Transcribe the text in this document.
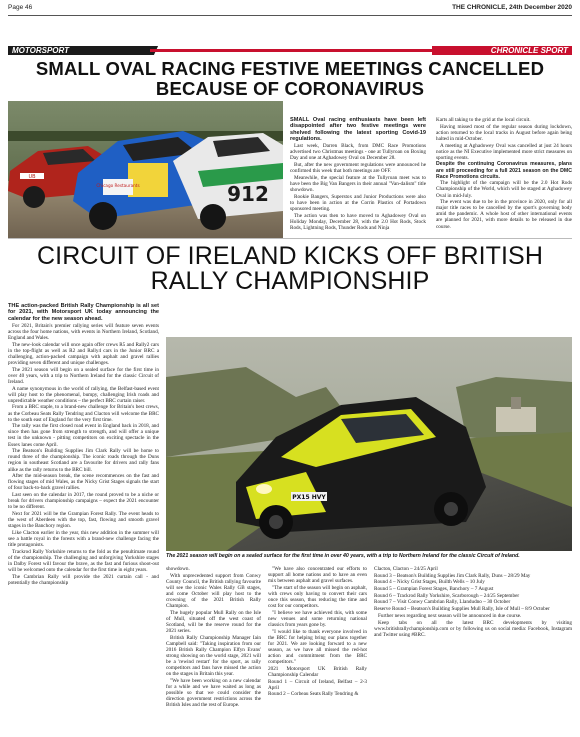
Page 46	THE CHRONICLE, 24th December 2020
MOTORSPORT	CHRONICLE SPORT
SMALL OVAL RACING FESTIVE MEETINGS CANCELLED BECAUSE OF CORONAVIRUS
UB
Chicago Restaurants	912

SMALL Oval racing enthusiasts have been left disappointed after two festive meetings were shelved following the latest sporting Covid-19 regulations.

Last week, Darren Black, from DMC Race Promotions advertised two Christmas meetings - one at Tullyroan on Boxing Day and one at Aghadowey Oval on December 28.

But, after the new government regulations were announced he confirmed this week that both meetings are OFF.

Meanwhile, the special feature at the Tullyroan meet was to have been the Big Van Bangers in their annual "Van-dalism" title showdown.

Rookie Bangers, Superstox and Junior Productions were also to have been in action at the Corrin Plastics of Portadown sponsored meeting.

The action was then to have moved to Aghadowey Oval on Holiday Monday, December 28, with the 2.0 Hot Rods, Stock Rods, Lightning Rods, Thunder Rods and Ninja

Karts all taking to the grid at the local circuit.

Having missed most of the regular season during lockdown, action returned to the local tracks in August before again being halted in mid-October.

A meeting at Aghadowey Oval was cancelled at just 24 hours notice as the NI Executive implemented more strict measures on sporting events.

Despite the continuing Coronavirus measures, plans are still proceeding for a full 2021 season on the DMC Race Promotions circuits.

The highlight of the campaign will be the 2.0 Hot Rods Championship of the World, which will be staged at Aghadowey Oval in mid-July.

The event was due to be in the province in 2020, only for all major title races to be cancelled by the sport's governing body amid the pandemic. A whole host of other international events are planned for 2021, with more details to be released in due course.

CIRCUIT OF IRELAND KICKS OFF BRITISH RALLY CHAMPIONSHIP

THE action-packed British Rally Championship is all set for 2021, with Motorsport UK today announcing the calendar for the new season ahead.

For 2021, Britain's premier rallying series will feature seven events across the four home nations, with events in Northern Ireland, Scotland, England and Wales.

The new-look calendar will once again offer crews R5 and Rally2 cars in the top-flight as well as R2 and Rally4 cars in the Junior BRC a challenging, action-packed campaign with asphalt and gravel rallies providing seven different and unique challenges.

The 2021 season will begin on a sealed surface for the first time in over 40 years, with a trip to Northern Ireland for the classic Circuit of Ireland.

A name synonymous in the world of rallying, the Belfast-based event will play host to the phenomenal, bumpy, challenging Irish roads and unpredictable weather conditions – the perfect BRC curtain raiser.

From a BRC staple, to a brand-new challenge for Britain's best crews, as the Corbeau Seats Rally Tendring and Clacton will welcome the BRC to the south east of England for the very first time.

The rally was the first closed road event in England back in 2018, and since then has gone from strength to strength, and will offer a unique test in the unknown - pitting competitors on exciting spectacle in the Essex lanes come April.

The Beatson's Building Supplies Jim Clark Rally will be home to round three of the championship. The iconic roads through the Duns region in southeast Scotland are a favourite for drivers and rally fans alike as the rally returns to the BRC bill.

After the mid-season break, the scene recommences on the fast and flowing stages of mid Wales, as the Nicky Grist Stages signals the start of four back-to-back gravel rallies.

Last seen on the calendar in 2017, the round proved to be a niche or break for drivers championship campaigns – expect the 2021 encounter to be no different.

Next for 2021 will be the Grampian Forest Rally. The event heads to the west of Aberdeen with the top, fast, flowing and smooth gravel stages in the Banchory region.

Like Clacton earlier in the year, this new addition in the summer will see a battle royal in the forests with a brand-new challenge facing the title protagonists.

Trackrod Rally Yorkshire returns to the fold as the penultimate round of the championship. The challenging and unforgiving Yorkshire stages in Dalby Forest will favour the brave, as the fast and furious shoot-out will be welcomed onto the calendar for the first time in eight years.

The Cambrian Rally will provide the 2021 curtain call - and potentially the championship

PX15 HVY
The 2021 season will begin on a sealed surface for the first time in over 40 years, with a trip to Northern Ireland for the classic Circuit of Ireland.

showdown.

With unprecedented support from Conwy County Council, the British rallying favourite will see the iconic Wales Rally GB stages, and come October will play host to the crowning of the 2021 British Rally Champion.

The hugely popular Mull Rally on the Isle of Mull, situated off the west coast of Scotland, will be the reserve round for the 2021 series.

British Rally Championship Manager Iain Campbell said: "Taking inspiration from our 2016 British Rally Champion Elfyn Evans' strong showing on the world stage, 2021 will be a 'rewind restart' for the sport, as rally competitors and fans have missed the action on the stages in Britain this year.

"We have been working on a new calendar for a while and we have waited as long as possible so that we could consider the direction government restrictions across the British Isles and the rest of Europe.

"We have also concentrated our efforts to support all home nations and to have an even mix between asphalt and gravel surfaces.

"The start of the season will begin on asphalt, with crews only having to convert their cars once this season, thus reducing the time and cost for our competitors.

"I believe we have achieved this, with some new venues and some returning national classics from years gone by.

"I would like to thank everyone involved in the BRC for helping bring our plans together for 2021. We are looking forward to a new season, as we have all missed the red-hot action and commitment from the BRC competitors."

2021 Motorsport UK British Rally Championship Calendar

Round 1 – Circuit of Ireland, Belfast – 2-3 April

Round 2 – Corbeau Seats Rally Tendring &

Clacton, Clacton – 24/25 April

Round 3 – Beatson's Building Supplies Jim Clark Rally, Duns – 28/29 May

Round 4 – Nicky Grist Stages, Builth Wells – 10 July

Round 5 – Grampian Forest Stages, Banchory – 7 August

Round 6 – Trackrod Rally Yorkshire, Scarborough – 24/25 September

Round 7 – Visit Conwy Cambrian Rally, Llandudno – 30 October

Reserve Round – Beatson's Building Supplies Mull Rally, Isle of Mull – 8/9 October

Further news regarding next season will be announced in due course.

Keep tabs on all the latest BRC developments by visiting www.britishrallychampionship.com or by following us on social media: Facebook, Instagram and Twitter using #BRC.
